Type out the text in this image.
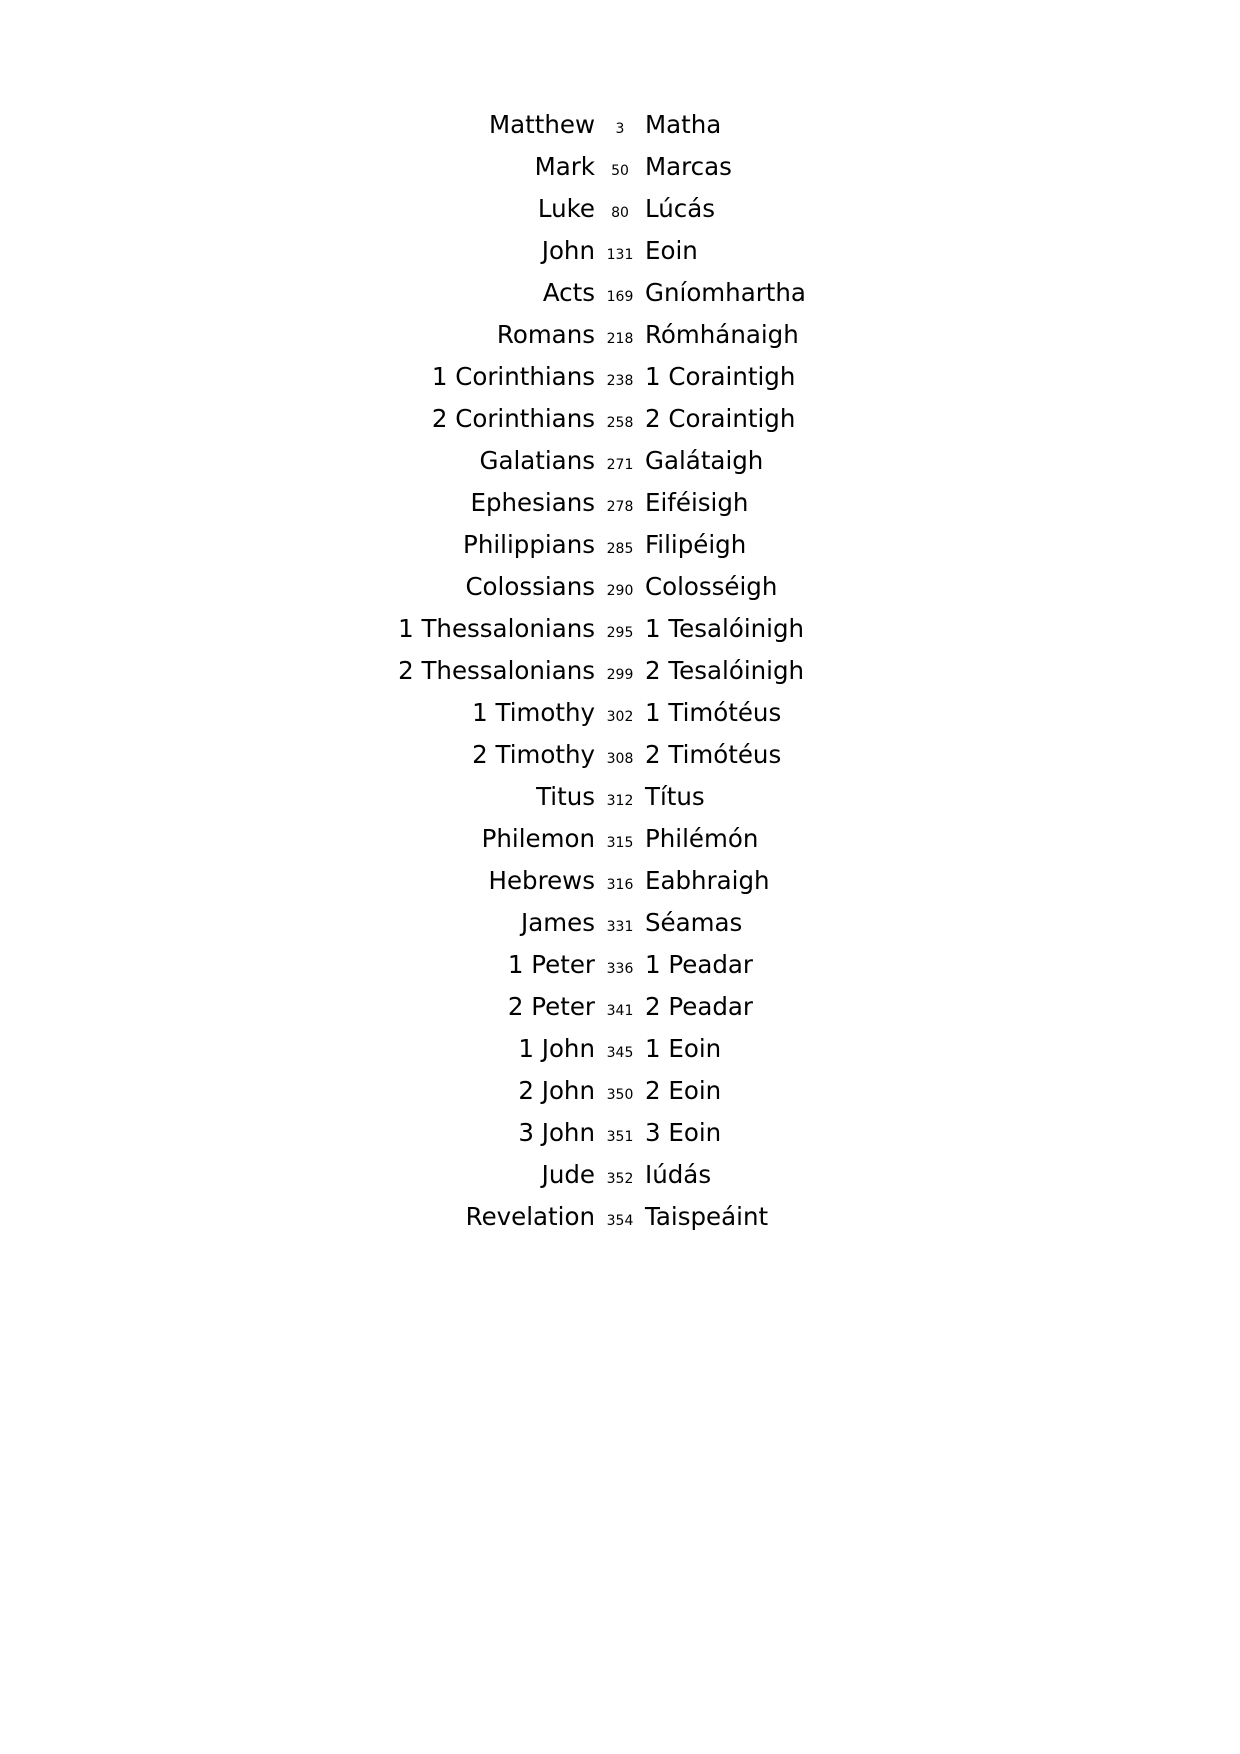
Matthew	3 Matha
Mark	50 Marcas
Luke	80 Lúcás
John 131 Eoin
Acts 169 Gníomhartha
Romans 218 Rómhánaigh
1 Corinthians 238 1 Coraintigh
2 Corinthians 258 2 Coraintigh
Galatians 271 Galátaigh
Ephesians 278 Eiféisigh
Philippians 285 Filipéigh
Colossians 290 Colosséigh
1 Thessalonians 295 1 Tesalóinigh
2 Thessalonians 299 2 Tesalóinigh
1 Timothy 302 1 Timótéus
2 Timothy 308 2 Timótéus
Titus 312 Títus
Philemon 315 Philémón
Hebrews 316 Eabhraigh
James 331 Séamas
1 Peter 336 1 Peadar
2 Peter 341 2 Peadar
1 John 345 1 Eoin
2 John 350 2 Eoin
3 John 351 3 Eoin
Jude 352 Iúdás
Revelation 354 Taispeáint
